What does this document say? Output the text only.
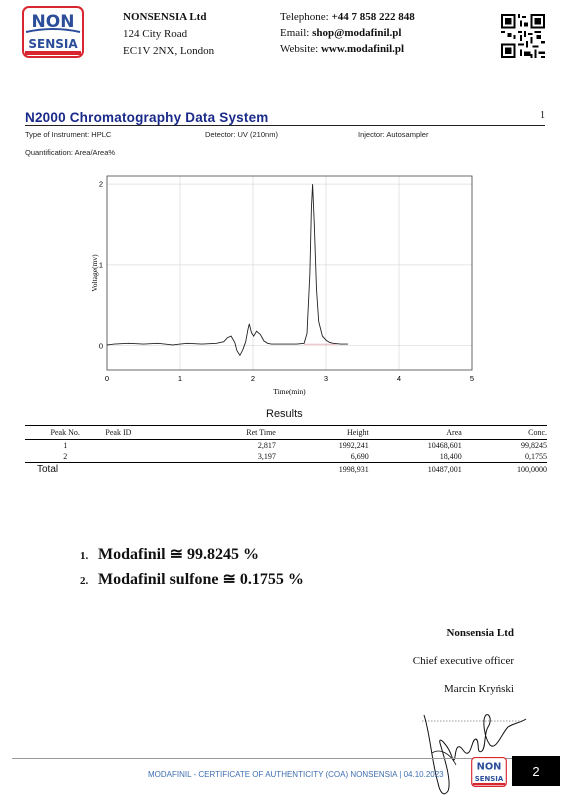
NON
SENSIA
NONSENSIA Ltd
124 City Road
EC1V 2NX, London
Telephone: +44 7 858 222 848
Email: shop@modafinil.pl
Website: www.modafinil.pl
N2000 Chromatography Data System	1
Type of Instrument: HPLC	Detector: UV (210nm)	Injector: Autosampler
Quantification: Area/Area%
0
1
2
0	1	2	3	4	5
Time(min)
Voltage(mv)
Results
Peak No.	Peak ID	Ret Time	Height	Area	Conc.
1		2,817	1992,241	10468,601	99,8245
2		3,197	6,690	18,400	0,1755
Total			1998,931	10487,001	100,0000
1. Modafinil ≅ 99.8245 %
2. Modafinil sulfone ≅ 0.1755 %
Nonsensia Ltd
Chief executive officer
Marcin Kryński
MODAFINIL - CERTIFICATE OF AUTHENTICITY (COA) NONSENSIA | 04.10.2023
NON
SENSIA
2
